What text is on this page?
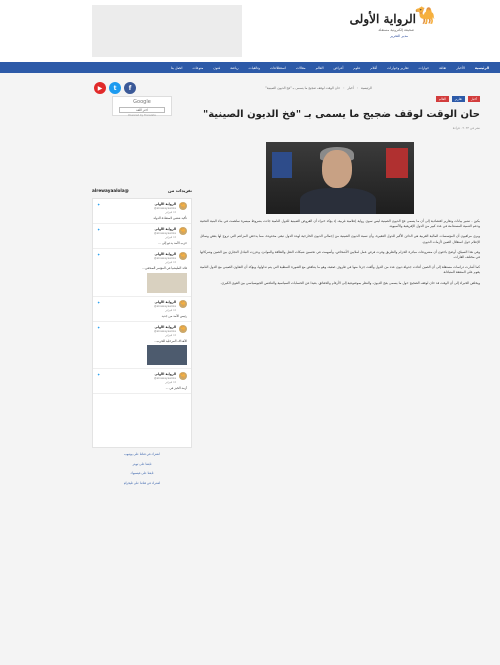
🐪
الرواية الأولى
صحيفة إلكترونية مستقلة
مدير التحرير
الرئيسية
الأخبار
ثقافة
حوارات
تقارير وحوارات
أقلام
علوم
أعراض
العالم
مقالات
استطلاعات
وثائقيات
رياضة
فنون
منوعات
اتصل بنا
▶	t	f	الرئيسية › أخبار › حان الوقت لوقف ضجيج ما يسمى بـ "فخ الديون الصينية"
Google
اختر اللغة
Powered by Translate
تغريدات من
alrewayaalola@
🐪
الرواية الأولى
@alrewayaalola
١٥ فبراير
✦
تأكيد شعبي لاستعادة الدولة
🐪
الرواية الأولى
@alrewayaalola
١٥ فبراير
✦
حزب الأمة يدعو إلى ...
🐪
الرواية الأولى
@alrewayaalola
١٥ فبراير
✦
قائد المليشيا في المؤتمر الصحفي...
🐪
الرواية الأولى
@alrewayaalola
١٥ فبراير
✦
رئيس الأمة من جديد
🐪
الرواية الأولى
@alrewayaalola
١٥ فبراير
✦
الأهداف المرحلية للحرب...
🐪
الرواية الأولى
@alrewayaalola
١٥ فبراير
✦
أزمة الخبز في ...
اشترك في قناتنا على يوتيوب
تابعنا على تويتر
تابعنا على فيسبوك
اشترك في قناتنا على تليجرام
أخبار
تقارير
العالم
حان الوقت لوقف ضجيج ما يسمى بـ "فخ الديون الصينية"
نشر في ٢٠٢٣ · قراءة

بكين - تشير بيانات وتقارير اقتصادية إلى أن ما يسمى فخ الديون الصينية ليس سوى رواية إعلامية غربية، إذ يؤكد خبراء أن القروض الصينية للدول النامية جاءت بشروط ميسرة ساهمت في بناء البنية التحتية ودعم التنمية المستدامة في عدد كبير من الدول الإفريقية والآسيوية.

ويرى مراقبون أن المؤسسات المالية الغربية هي الدائن الأكبر للدول الفقيرة، وأن نسبة الديون الصينية من إجمالي الديون الخارجية لهذه الدول تبقى محدودة، مما يدحض المزاعم التي تروج لها بعض وسائل الإعلام حول استغلال الصين لأزمات الديون.

وفي هذا السياق، أوضح باحثون أن مشروعات مبادرة الحزام والطريق وفرت فرص عمل لملايين الأشخاص، وأسهمت في تحسين شبكات النقل والطاقة والموانئ، وعززت التبادل التجاري بين الصين وشركائها في مختلف القارات.

كما أشارت دراسات مستقلة إلى أن الصين أعادت جدولة ديون عدد من الدول وألغت جزءا منها في ظروف صعبة، وهو ما يتناقض مع الصورة النمطية التي يتم تداولها، ويؤكد أن التعاون الصيني مع الدول النامية يقوم على المنفعة المتبادلة.

ويخلص الخبراء إلى أن الوقت قد حان لوقف الضجيج حول ما يسمى بفخ الديون، والنظر بموضوعية إلى الأرقام والحقائق، بعيدا عن الحسابات السياسية والتنافس الجيوسياسي بين القوى الكبرى.
